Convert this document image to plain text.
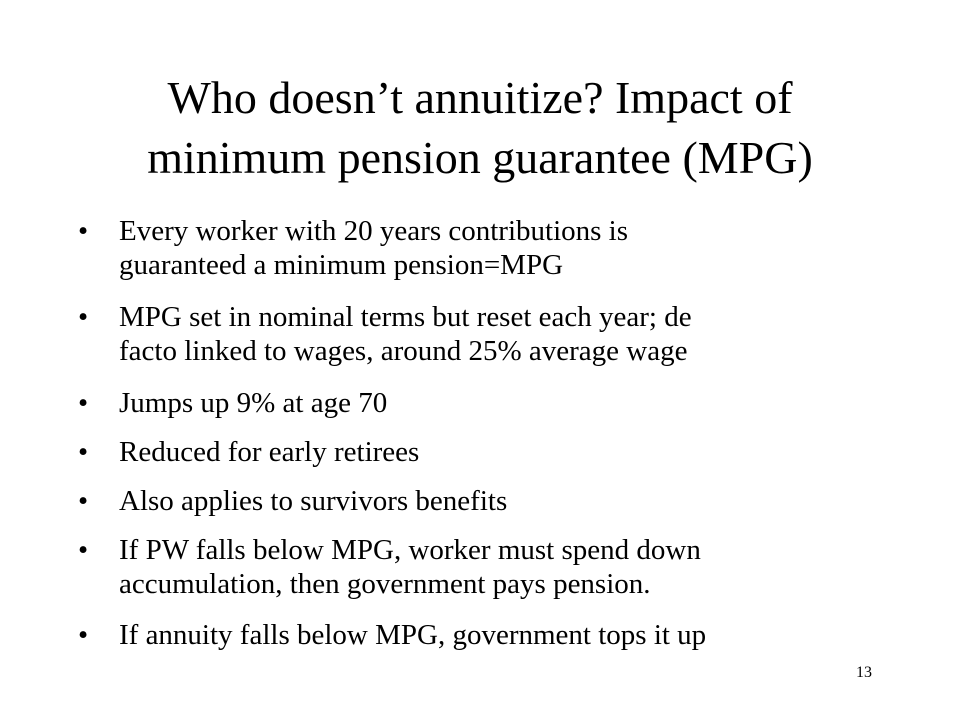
Who doesn’t annuitize? Impact of
minimum pension guarantee (MPG)
•	Every worker with 20 years contributions is
guaranteed a minimum pension=MPG
•	MPG set in nominal terms but reset each year; de
facto linked to wages, around 25% average wage
•	Jumps up 9% at age 70
•	Reduced for early retirees
•	Also applies to survivors benefits
•	If PW falls below MPG, worker must spend down
accumulation, then government pays pension.
•	If annuity falls below MPG, government tops it up
13
